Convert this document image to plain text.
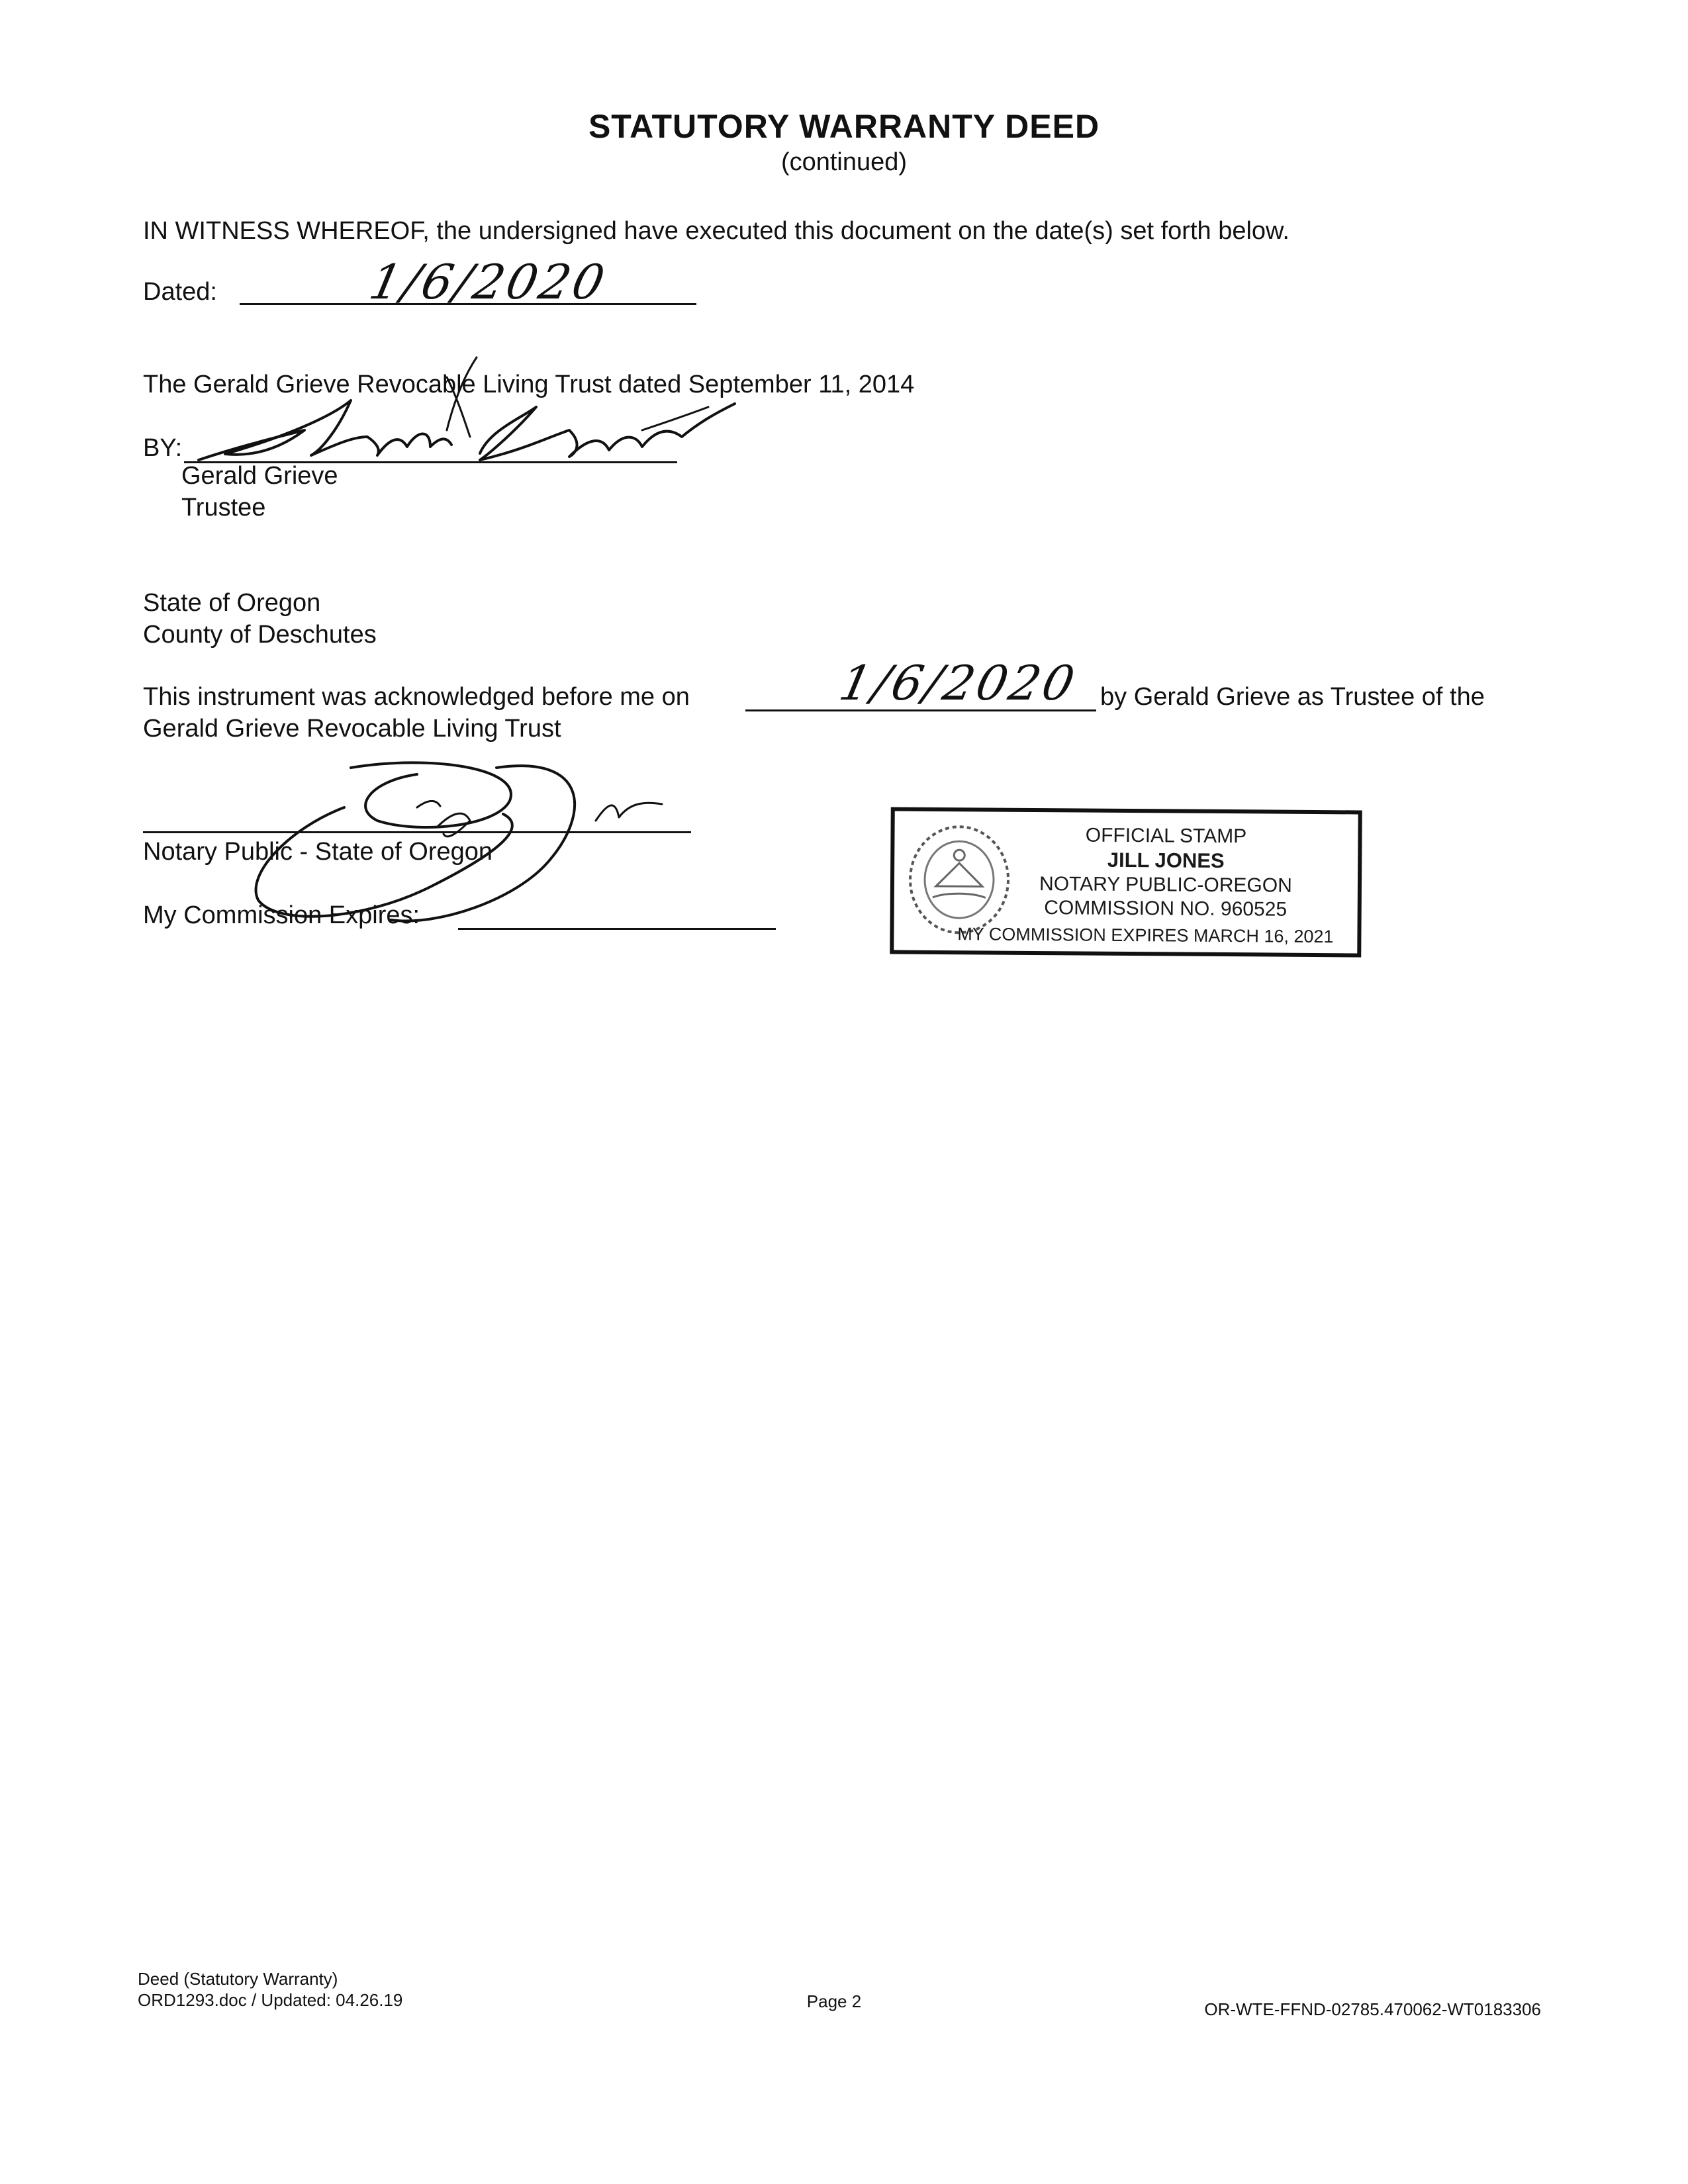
STATUTORY WARRANTY DEED
(continued)
IN WITNESS WHEREOF, the undersigned have executed this document on the date(s) set forth below.
Dated:	1/6/2020
The Gerald Grieve Revocable Living Trust dated September 11, 2014
BY:
Gerald Grieve
Trustee
State of Oregon
County of Deschutes
This instrument was acknowledged before me on	1/6/2020 by Gerald Grieve as Trustee of the
Gerald Grieve Revocable Living Trust
Notary Public - State of Oregon
My Commission Expires:
OFFICIAL STAMP
JILL JONES
NOTARY PUBLIC-OREGON
COMMISSION NO. 960525
MY COMMISSION EXPIRES MARCH 16, 2021
Deed (Statutory Warranty)
ORD1293.doc / Updated: 04.26.19	Page 2	OR-WTE-FFND-02785.470062-WT0183306
